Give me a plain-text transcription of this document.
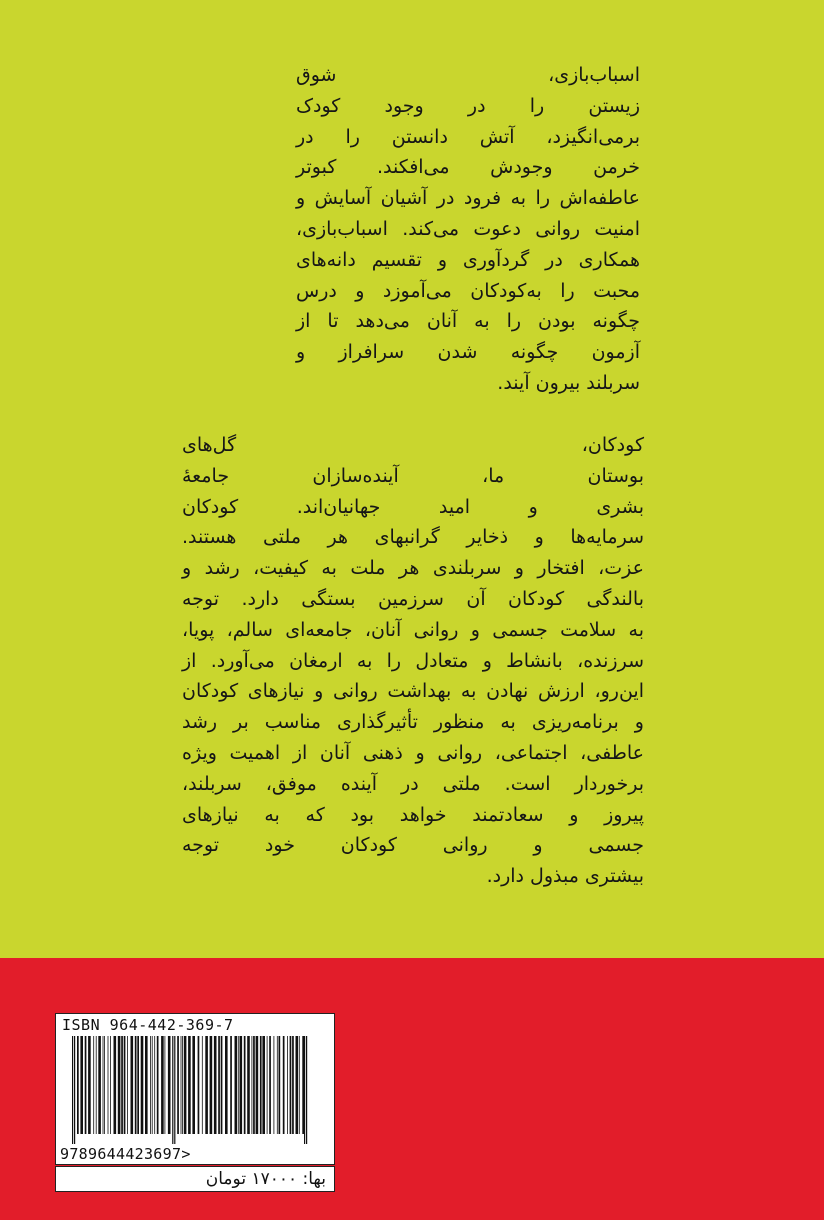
اسباب‌بازی، شوق
زیستن را در وجود کودک
برمی‌انگیزد، آتش دانستن را در
خرمن وجودش می‌افکند. کبوتر
عاطفه‌اش را به فرود در آشیان آسایش و
امنیت روانی دعوت می‌کند. اسباب‌بازی،
همکاری در گردآوری و تقسیم دانه‌های
محبت را به‌کودکان می‌آموزد و درس
چگونه بودن را به آنان می‌دهد تا از
آزمون چگونه شدن سرافراز و
سربلند بیرون آیند.
کودکان، گل‌های
بوستان ما، آینده‌سازان جامعهٔ
بشری و امید جهانیان‌اند. کودکان
سرمایه‌ها و ذخایر گرانبهای هر ملتی هستند.
عزت، افتخار و سربلندی هر ملت به کیفیت، رشد و
بالندگی کودکان آن سرزمین بستگی دارد. توجه
به سلامت جسمی و روانی آنان، جامعه‌ای سالم، پویا،
سرزنده، بانشاط و متعادل را به ارمغان می‌آورد. از
این‌رو، ارزش نهادن به بهداشت روانی و نیازهای کودکان
و برنامه‌ریزی به منظور تأثیرگذاری مناسب بر رشد
عاطفی، اجتماعی، روانی و ذهنی آنان از اهمیت ویژه
برخوردار است. ملتی در آینده موفق، سربلند،
پیروز و سعادتمند خواهد بود که به نیازهای
جسمی و روانی کودکان خود توجه
بیشتری مبذول دارد.
ISBN 964-442-369-7
9789644423697>
بها: ۱۷۰۰۰ تومان
